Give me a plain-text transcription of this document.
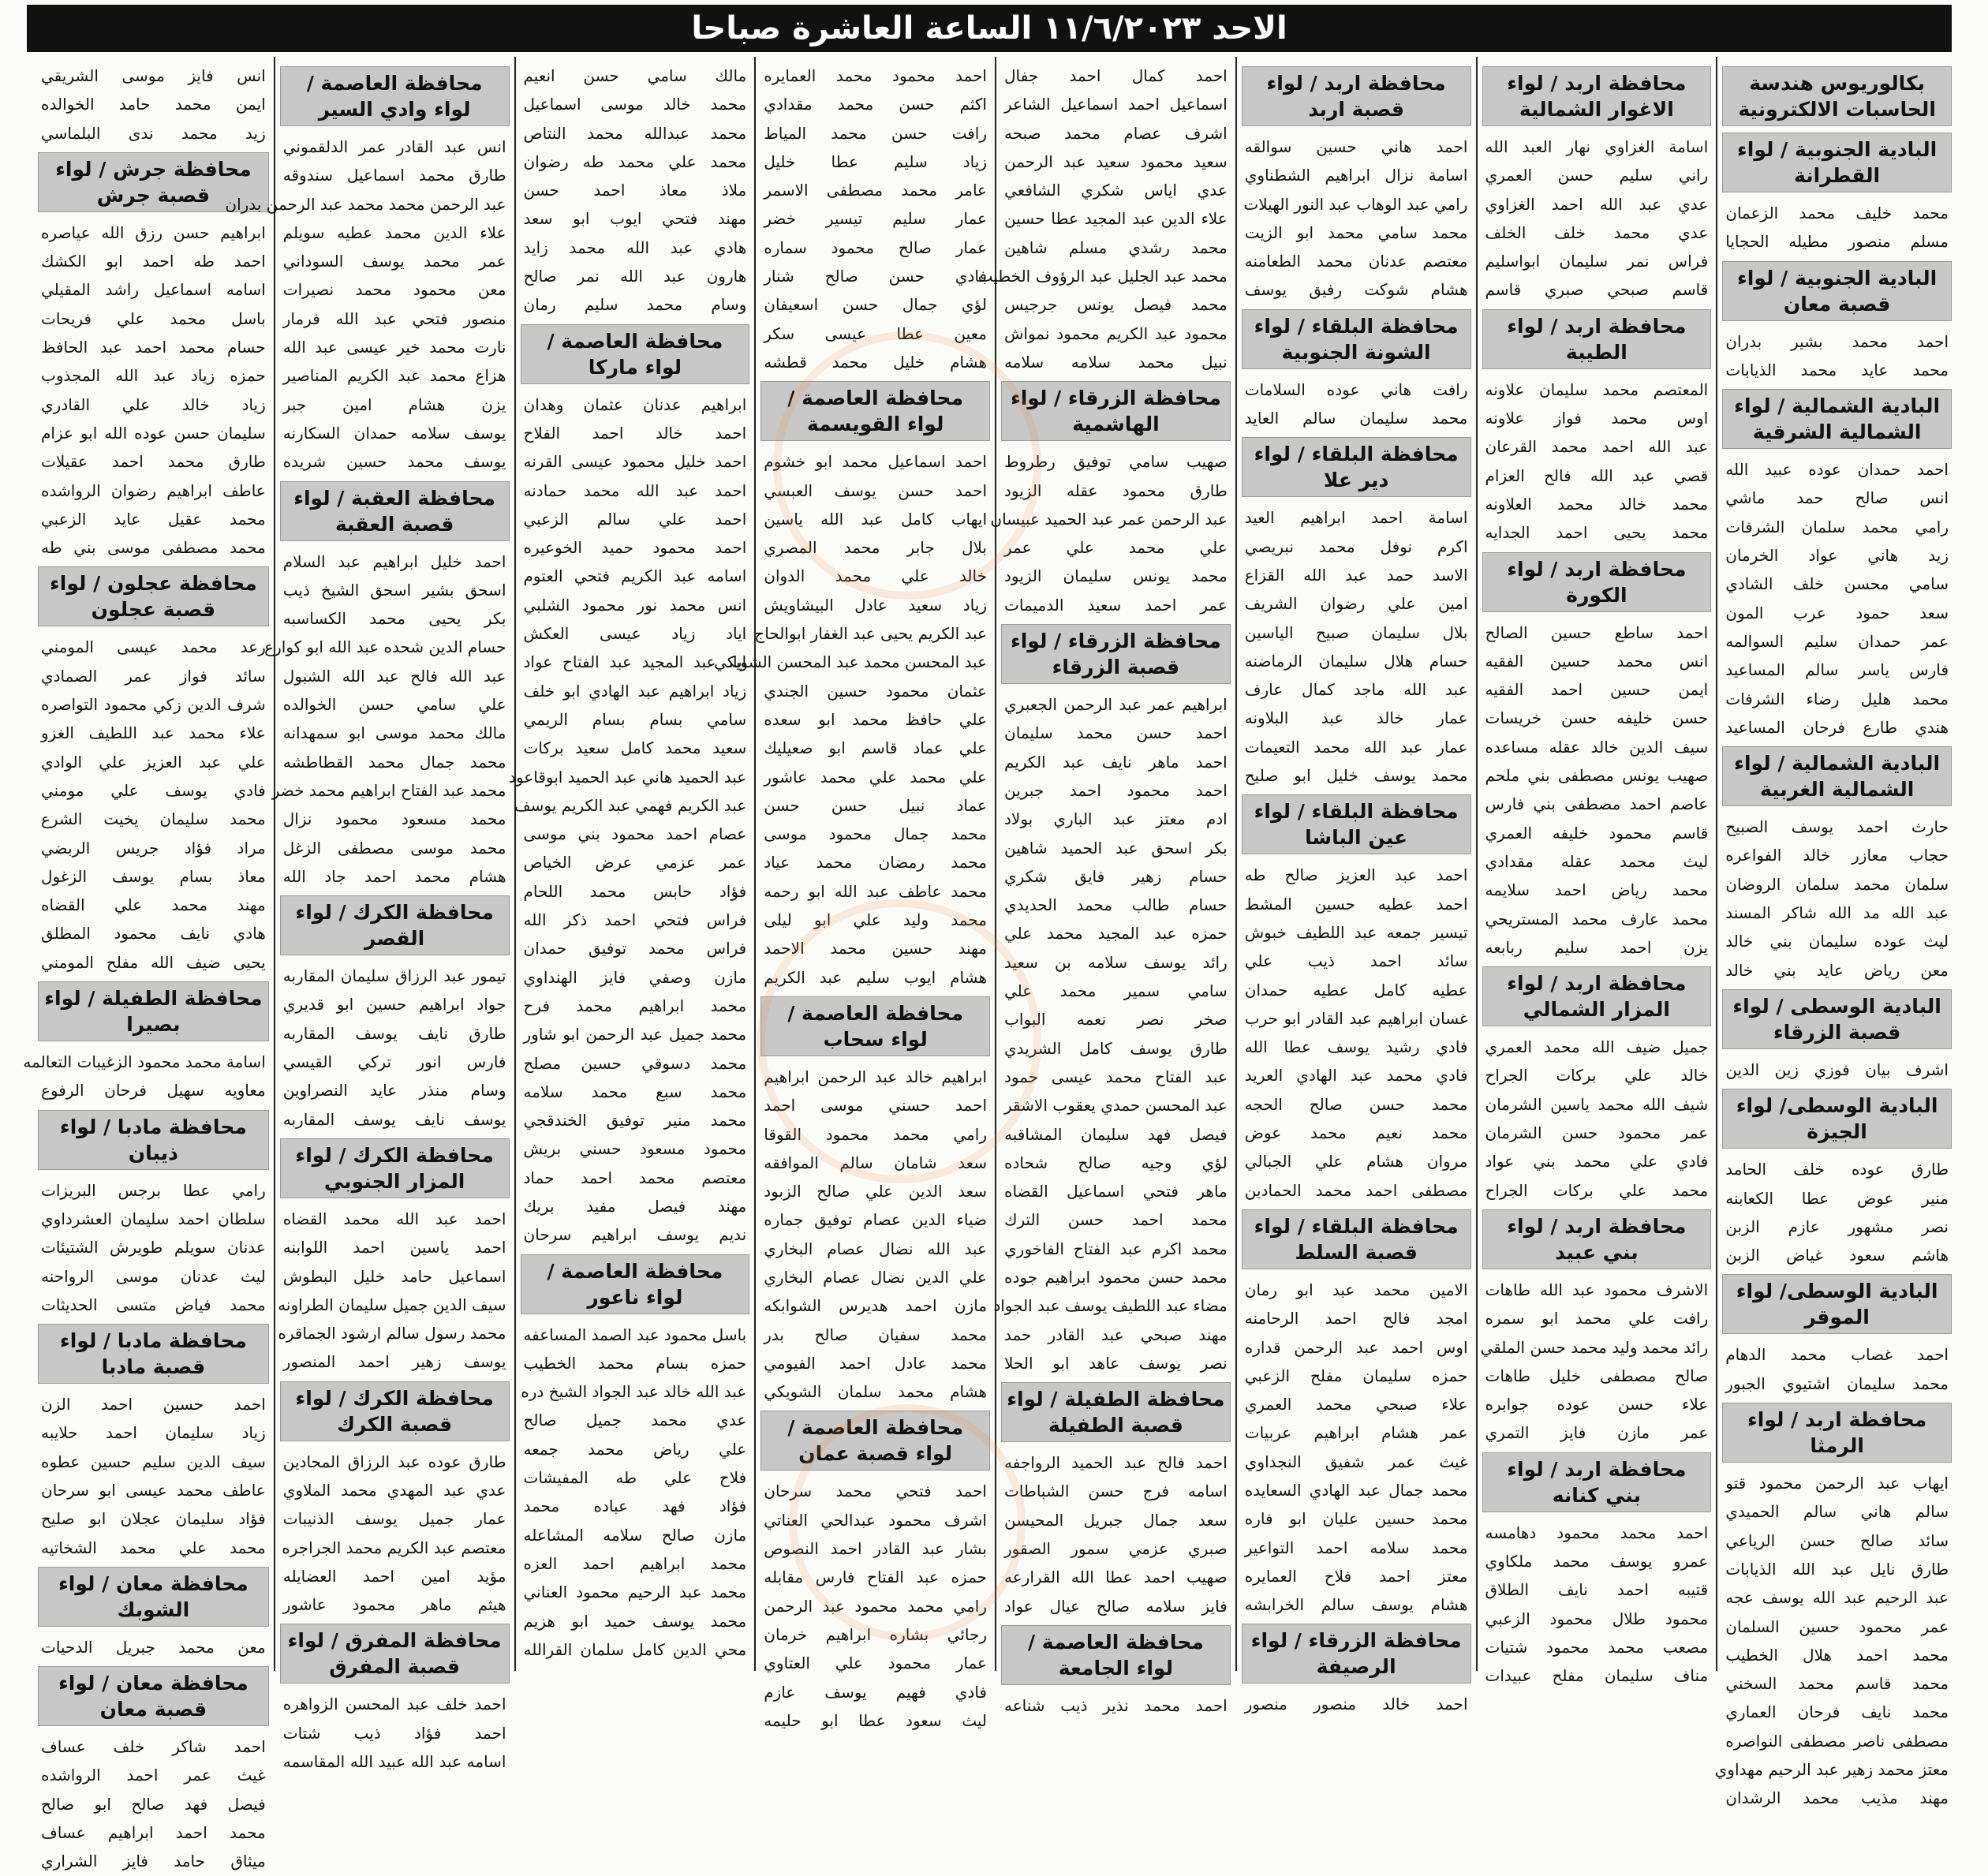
الاحد ١١/٦/٢٠٢٣ الساعة العاشرة صباحا
بكالوريوس هندسة الحاسبات الالكترونية
البادية الجنوبية / لواء القطرانة
محمد خليف محمد الزعمان
مسلم منصور مطيله الحجايا
البادية الجنوبية / لواء قصبة معان
احمد محمد بشير بدران
محمد عايد محمد الذيابات
البادية الشمالية / لواء الشمالية الشرقية
احمد حمدان عوده عبيد الله
انس صالح حمد ماشي
رامي محمد سلمان الشرفات
زيد هاني عواد الخرمان
سامي محسن خلف الشادي
سعد حمود عرب المون
عمر حمدان سليم السوالمه
فارس ياسر سالم المساعيد
محمد هليل رضاء الشرفات
هندي طارع فرحان المساعيد
البادية الشمالية / لواء الشمالية الغربية
حارث احمد يوسف الصبيح
حجاب معازر خالد الفواعره
سلمان محمد سلمان الروضان
عبد الله مد الله شاكر المسند
ليث عوده سليمان بني خالد
معن رياض عايد بني خالد
البادية الوسطى / لواء قصبة الزرقاء
اشرف بيان فوزي زين الدين
البادية الوسطى/ لواء الجيزة
طارق عوده خلف الحامد
منير عوض عطا الكعابنه
نصر مشهور عازم الزبن
هاشم سعود غياض الزبن
البادية الوسطى/ لواء الموقر
احمد غصاب محمد الدهام
محمد سليمان اشتيوي الجبور
محافظة اربد / لواء الرمثا
ايهاب عبد الرحمن محمود قتو
سالم هاني سالم الحميدي
سائد صالح حسن الرياعي
طارق نايل عبد الله الذيابات
عبد الرحيم عبد الله يوسف عجه
عمر محمود حسين السلمان
محمد احمد هلال الخطيب
محمد قاسم محمد السخني
محمد نايف فرحان العماري
مصطفى ناصر مصطفى النواصره
معتز محمد زهير عبد الرحيم مهداوي
مهند مذيب محمد الرشدان
محافظة اربد / لواء الاغوار الشمالية
اسامة الغزاوي نهار العبد الله
راني سليم حسن العمري
عدي عبد الله احمد الغزاوي
عدي محمد خلف الخلف
فراس نمر سليمان ابواسليم
قاسم صبحي صبري قاسم
محافظة اربد / لواء الطيبة
المعتصم محمد سليمان علاونه
اوس محمد فواز علاونه
عبد الله احمد محمد القرعان
قصي عبد الله فالح العزام
محمد خالد محمد العلاونه
محمد يحيى احمد الجدايه
محافظة اربد / لواء الكورة
احمد ساطع حسين الصالح
انس محمد حسين الفقيه
ايمن حسين احمد الفقيه
حسن خليفه حسن خريسات
سيف الدين خالد عقله مساعده
صهيب يونس مصطفى بني ملحم
عاصم احمد مصطفى بني فارس
قاسم محمود خليفه العمري
ليث محمد عقله مقدادي
محمد رياض احمد سلايمه
محمد عارف محمد المستريحي
يزن احمد سليم ربابعه
محافظة اربد / لواء المزار الشمالي
جميل ضيف الله محمد العمري
خالد علي بركات الجراح
شيف الله محمد ياسين الشرمان
عمر محمود حسن الشرمان
فادي علي محمد بني عواد
محمد علي بركات الجراح
محافظة اربد / لواء بني عبيد
الاشرف محمود عبد الله طاهات
رافت علي محمد ابو سمره
رائد محمد وليد محمد حسن الملقي
صالح مصطفى خليل طاهات
علاء حسن عوده جوابره
عمر مازن فايز التمري
محافظة اربد / لواء بني كنانه
احمد محمد محمود دهامسه
عمرو يوسف محمد ملكاوي
قتيبه احمد نايف الطلاق
محمود طلال محمود الزعبي
مصعب محمد محمود شتيات
مناف سليمان مفلح عبيدات
محافظة اربد / لواء قصبة اربد
احمد هاني حسين سوالقه
اسامة نزال ابراهيم الشطناوي
رامي عبد الوهاب عبد النور الهيلات
محمد سامي محمد ابو الزيت
معتصم عدنان محمد الطعامنه
هشام شوكت رفيق يوسف
محافظة البلقاء / لواء الشونة الجنوبية
رافت هاني عوده السلامات
محمد سليمان سالم العايد
محافظة البلقاء / لواء دير علا
اسامة احمد ابراهيم العيد
اكرم نوفل محمد نبريصي
الاسد حمد عبد الله القزاع
امين علي رضوان الشريف
بلال سليمان صبيح الياسين
حسام هلال سليمان الرماضنه
عبد الله ماجد كمال عارف
عمار خالد عبد البلاونه
عمار عبد الله محمد التعيمات
محمد يوسف خليل ابو صليح
محافظة البلقاء / لواء عين الباشا
احمد عبد العزيز صالح طه
احمد عطيه حسين المشط
تيسير جمعه عبد اللطيف خبوش
سائد احمد ذيب علي
عطيه كامل عطيه حمدان
غسان ابراهيم عبد القادر ابو حرب
فادي رشيد يوسف عطا الله
فادي محمد عبد الهادي العريد
محمد حسن صالح الحجه
محمد نعيم محمد عوض
مروان هشام علي الجبالي
مصطفى احمد محمد الحمادين
محافظة البلقاء / لواء قصبة السلط
الامين محمد عبد ابو رمان
امجد فالح احمد الرحامنه
اوس احمد عبد الرحمن قداره
حمزه سليمان مفلح الزعبي
علاء صبحي محمد العمري
عمر هشام ابراهيم عربيات
غيث عمر شفيق النجداوي
محمد جمال عبد الهادي السعايده
محمد حسين عليان ابو فاره
محمد سلامه احمد التواعير
معتز احمد فلاح العمايره
هشام يوسف سالم الخرابشه
محافظة الزرقاء / لواء الرصيفة
احمد خالد منصور منصور
احمد كمال احمد جفال
اسماعيل احمد اسماعيل الشاعر
اشرف عصام محمد صبحه
سعيد محمود سعيد عبد الرحمن
عدي اياس شكري الشافعي
علاء الدين عبد المجيد عطا حسين
محمد رشدي مسلم شاهين
محمد عبد الجليل عبد الرؤوف الخطيب
محمد فيصل يونس جرجيس
محمود عبد الكريم محمود نمواش
نبيل محمد سلامه سلامه
محافظة الزرقاء / لواء الهاشمية
صهيب سامي توفيق رطروط
طارق محمود عقله الزيود
عبد الرحمن عمر عبد الحميد عبيسان
علي محمد علي عمر
محمد يونس سليمان الزيود
عمر احمد سعيد الدميمات
محافظة الزرقاء / لواء قصبة الزرقاء
ابراهيم عمر عبد الرحمن الجعبري
احمد حسن محمد سليمان
احمد ماهر نايف عبد الكريم
احمد محمود احمد جبرين
ادم معتز عبد الباري بولاد
بكر اسحق عبد الحميد شاهين
حسام زهير فايق شكري
حسام طالب محمد الحديدي
حمزه عبد المجيد محمد علي
رائد يوسف سلامه بن سعيد
سامي سمير محمد علي
صخر نصر نعمه البواب
طارق يوسف كامل الشريدي
عبد الفتاح محمد عيسى حمود
عبد المحسن حمدي يعقوب الاشقر
فيصل فهد سليمان المشاقبه
لؤي وجيه صالح شحاده
ماهر فتحي اسماعيل القضاه
محمد احمد حسن الترك
محمد اكرم عبد الفتاح الفاخوري
محمد حسن محمود ابراهيم جوده
مضاء عبد اللطيف يوسف عبد الجواد
مهند صبحي عبد القادر حمد
نصر يوسف عاهد ابو الحلا
محافظة الطفيلة / لواء قصبة الطفيلة
احمد فالح عبد الحميد الرواجفه
اسامه فرج حسن الشباطات
سعد جمال جبريل المحيسن
صبري عزمي سمور الصقور
صهيب احمد عطا الله القرارعه
فايز سلامه صالح عيال عواد
محافظة العاصمة / لواء الجامعة
احمد محمد نذير ذيب شناعه
احمد محمود محمد العمايره
اكثم حسن محمد مقدادي
رافت حسن محمد المياط
زياد سليم عطا خليل
عامر محمد مصطفى الاسمر
عمار سليم تيسير خضر
عمار صالح محمود سماره
فادي حسن صالح شنار
لؤي جمال حسن اسعيفان
معين عطا عيسى سكر
هشام خليل محمد قطشه
محافظة العاصمة / لواء القويسمة
احمد اسماعيل محمد ابو خشوم
احمد حسن يوسف العبسي
ايهاب كامل عبد الله ياسين
بلال جابر محمد المصري
خالد علي محمد الدوان
زياد سعيد عادل البيشاويش
عبد الكريم يحيى عبد الغفار ابوالحاج
عبد المحسن محمد عبد المحسن الشويكي
عثمان محمود حسين الجندي
علي حافظ محمد ابو سعده
علي عماد قاسم ابو صعيليك
علي محمد علي محمد عاشور
عماد نبيل حسن حسن
محمد جمال محمود موسى
محمد رمضان محمد عياد
محمد عاطف عبد الله ابو رحمه
محمد وليد علي ابو ليلى
مهند حسين محمد الاحمد
هشام ايوب سليم عبد الكريم
محافظة العاصمة / لواء سحاب
ابراهيم خالد عبد الرحمن ابراهيم
احمد حسني موسى احمد
رامي محمد محمود القوقا
سعد شامان سالم الموافقه
سعد الدين علي صالح الزبود
ضياء الدين عصام توفيق جماره
عبد الله نضال عصام البخاري
علي الدين نضال عصام البخاري
مازن احمد هديرس الشوابكه
محمد سفيان صالح بدر
محمد عادل احمد الفيومي
هشام محمد سلمان الشويكي
محافظة العاصمة / لواء قصبة عمان
احمد فتحي محمد سرحان
اشرف محمود عبدالحي العناتي
بشار عبد القادر احمد النصوص
حمزه عبد الفتاح فارس مقابله
رامي محمد محمود عبد الرحمن
رجائي بشاره ابراهيم خرمان
عمار محمود علي العتاوي
فادي فهيم يوسف عازم
ليث سعود عطا ابو حليمه
مالك سامي حسن انعيم
محمد خالد موسى اسماعيل
محمد عبدالله محمد النتاص
محمد علي محمد طه رضوان
ملاذ معاذ احمد حسن
مهند فتحي ايوب ابو سعد
هادي عبد الله محمد زايد
هارون عبد الله نمر صالح
وسام محمد سليم رمان
محافظة العاصمة / لواء ماركا
ابراهيم عدنان عثمان وهدان
احمد خالد احمد الفلاح
احمد خليل محمود عيسى القرنه
احمد عبد الله محمد حمادنه
احمد علي سالم الزعبي
احمد محمود حميد الخوعيره
اسامه عبد الكريم فتحي العتوم
انس محمد نور محمود الشلبي
اياد زياد عيسى العكش
اياد عبد المجيد عبد الفتاح عواد
زياد ابراهيم عبد الهادي ابو خلف
سامي بسام بسام الريمي
سعيد محمد كامل سعيد بركات
عبد الحميد هاني عبد الحميد ابوقاعود
عبد الكريم فهمي عبد الكريم يوسف
عصام احمد محمود بني موسى
عمر عزمي عرض الخياص
فؤاد حابس محمد اللحام
فراس فتحي احمد ذكر الله
فراس محمد توفيق حمدان
مازن وصفي فايز الهنداوي
محمد ابراهيم محمد فرح
محمد جميل عبد الرحمن ابو شاور
محمد دسوقي حسين مصلح
محمد سبع محمد سلامه
محمد منير توفيق الخندقجي
محمود مسعود حسني بريش
معتصم محمد احمد حماد
مهند فيصل مفيد بريك
نديم يوسف ابراهيم سرحان
محافظة العاصمة / لواء ناعور
باسل محمود عبد الصمد المساعفه
حمزه بسام محمد الخطيب
عبد الله خالد عبد الجواد الشيخ دره
عدي محمد جميل صالح
علي رياض محمد جمعه
فلاح علي طه المفيشات
فؤاد فهد عباده محمد
مازن صالح سلامه المشاعله
محمد ابراهيم احمد العزه
محمد عبد الرحيم محمود العناني
محمد يوسف حميد ابو هزيم
محي الدين كامل سلمان القرالله
محافظة العاصمة / لواء وادي السير
انس عبد القادر عمر الدلقموني
طارق محمد اسماعيل سندوقه
عبد الرحمن محمد محمد عبد الرحمن بدران
علاء الدين محمد عطيه سويلم
عمر محمد يوسف السوداني
معن محمود محمد نصيرات
منصور فتحي عبد الله فرمار
نارت محمد خير عيسى عبد الله
هزاع محمد عبد الكريم المناصير
يزن هشام امين جبر
يوسف سلامه حمدان السكارنه
يوسف محمد حسين شريده
محافظة العقبة / لواء قصبة العقبة
احمد خليل ابراهيم عبد السلام
اسحق بشير اسحق الشيخ ذيب
بكر يحيى محمد الكساسبه
حسام الدين شحده عبد الله ابو كوارع
عبد الله فالح عبد الله الشبول
علي سامي حسن الخوالده
مالك محمد موسى ابو سمهدانه
محمد جمال محمد القطاطشه
محمد عبد الفتاح ابراهيم محمد خضر
محمد مسعود محمود نزال
محمد موسى مصطفى الزغل
هشام محمد احمد جاد الله
محافظة الكرك / لواء القصر
تيمور عبد الرزاق سليمان المقاربه
جواد ابراهيم حسين ابو قديري
طارق نايف يوسف المقاربه
فارس انور تركي القيسي
وسام منذر عايد النصراوين
يوسف نايف يوسف المقاربه
محافظة الكرك / لواء المزار الجنوبي
احمد عبد الله محمد القضاه
احمد ياسين احمد اللوابنه
اسماعيل حامد خليل البطوش
سيف الدين جميل سليمان الطراونه
محمد رسول سالم ارشود الجماقره
يوسف زهير احمد المنصور
محافظة الكرك / لواء قصبة الكرك
طارق عوده عبد الرزاق المحادين
عدي عبد المهدي محمد الملاوي
عمار جميل يوسف الذنيبات
معتصم عبد الكريم محمد الجراجره
مؤيد امين احمد العضايله
هيثم ماهر محمود عاشور
محافظة المفرق / لواء قصبة المفرق
احمد خلف عبد المحسن الزواهره
احمد فؤاد ذيب شتات
اسامه عبد الله عبيد الله المقاسمه
انس فايز موسى الشريقي
ايمن محمد حامد الخوالده
زيد محمد ندى البلماسي
محافظة جرش / لواء قصبة جرش
ابراهيم حسن رزق الله عياصره
احمد طه احمد ابو الكشك
اسامه اسماعيل راشد المقيلي
باسل محمد علي فريحات
حسام محمد احمد عبد الحافظ
حمزه زياد عبد الله المجذوب
زياد خالد علي القادري
سليمان حسن عوده الله ابو عزام
طارق محمد احمد عقيلات
عاطف ابراهيم رضوان الرواشده
محمد عقيل عايد الزعبي
محمد مصطفى موسى بني طه
محافظة عجلون / لواء قصبة عجلون
رعد محمد عيسى المومني
سائد فواز عمر الصمادي
شرف الدين زكي محمود التواصره
علاء محمد عبد اللطيف الغزو
علي عبد العزيز علي الوادي
فادي يوسف علي مومني
محمد سليمان يخيت الشرع
مراد فؤاد جريس الربضي
معاذ بسام يوسف الزغول
مهند محمد علي القضاه
هادي نايف محمود المطلق
يحيى ضيف الله مفلح المومني
محافظة الطفيلة / لواء بصيرا
اسامة محمد محمود الزغيبات التعالمه
معاويه سهيل فرحان الرفوع
محافظة مادبا / لواء ذيبان
رامي عطا برجس البريزات
سلطان احمد سليمان العشرداوي
عدنان سويلم طويرش الشتيئات
ليث عدنان موسى الرواحنه
محمد فياض متسى الحديثات
محافظة مادبا / لواء قصبة مادبا
احمد حسين احمد الزن
زياد سليمان احمد حلايبه
سيف الدين سليم حسين عطوه
عاطف محمد عيسى ابو سرحان
فؤاد سليمان عجلان ابو صليح
محمد علي محمد الشخاتيه
محافظة معان / لواء الشوبك
معن محمد جبريل الدحيات
محافظة معان / لواء قصبة معان
احمد شاكر خلف عساف
غيث عمر احمد الرواشده
فيصل فهد صالح ابو صالح
محمد احمد ابراهيم عساف
ميثاق حامد فايز الشراري
